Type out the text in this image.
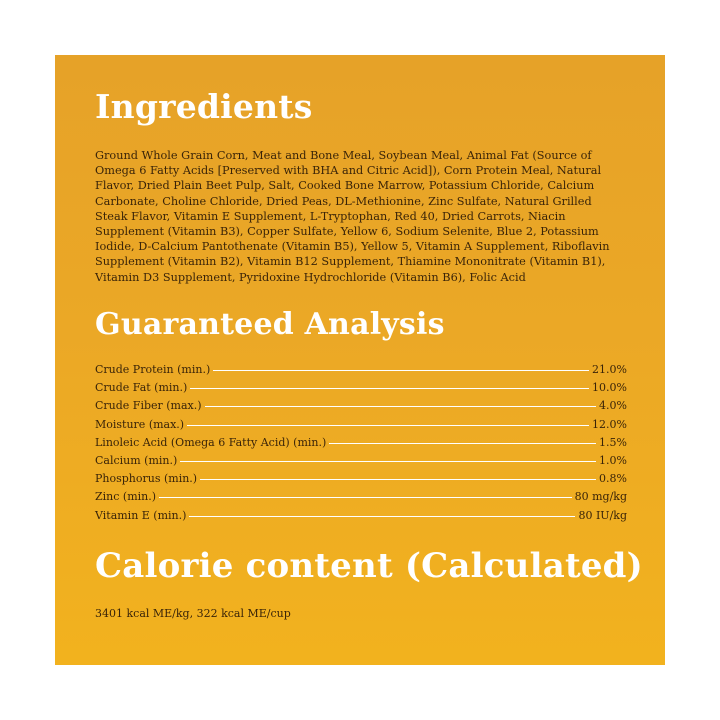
Ingredients
Ground Whole Grain Corn, Meat and Bone Meal, Soybean Meal, Animal Fat (Source of Omega 6 Fatty Acids [Preserved with BHA and Citric Acid]), Corn Protein Meal, Natural Flavor, Dried Plain Beet Pulp, Salt, Cooked Bone Marrow, Potassium Chloride, Calcium Carbonate, Choline Chloride, Dried Peas, DL-Methionine, Zinc Sulfate, Natural Grilled Steak Flavor, Vitamin E Supplement, L-Tryptophan, Red 40, Dried Carrots, Niacin Supplement (Vitamin B3), Copper Sulfate, Yellow 6, Sodium Selenite, Blue 2, Potassium Iodide, D-Calcium Pantothenate (Vitamin B5), Yellow 5, Vitamin A Supplement, Riboflavin Supplement (Vitamin B2), Vitamin B12 Supplement, Thiamine Mononitrate (Vitamin B1), Vitamin D3 Supplement, Pyridoxine Hydrochloride (Vitamin B6), Folic Acid
Guaranteed Analysis
Crude Protein (min.)	21.0%
Crude Fat (min.)	10.0%
Crude Fiber (max.)	4.0%
Moisture (max.)	12.0%
Linoleic Acid (Omega 6 Fatty Acid) (min.)	1.5%
Calcium (min.)	1.0%
Phosphorus (min.)	0.8%
Zinc (min.)	80 mg/kg
Vitamin E (min.)	80 IU/kg
Calorie content (Calculated)
3401 kcal ME/kg, 322 kcal ME/cup
